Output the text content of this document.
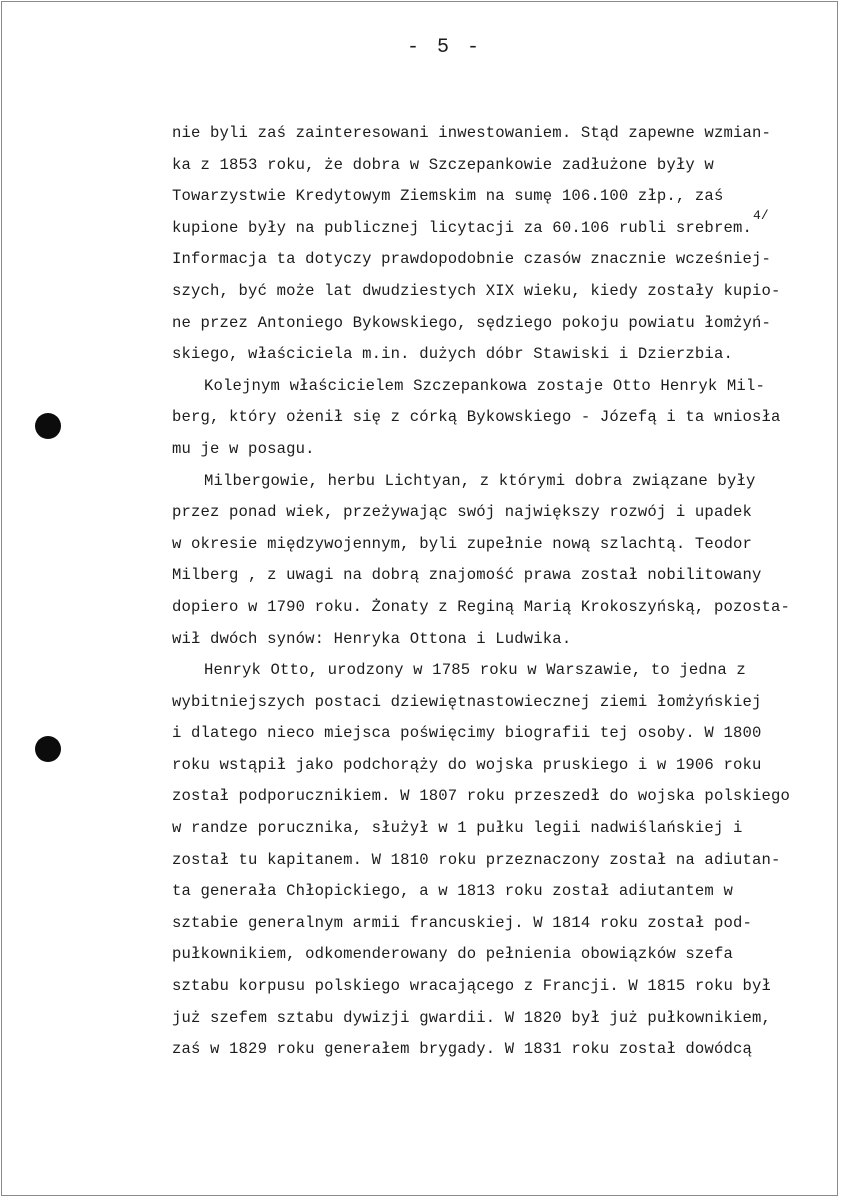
- 5 -
nie byli zaś zainteresowani inwestowaniem. Stąd zapewne wzmian-
ka z 1853 roku, że dobra w Szczepankowie zadłużone były w
Towarzystwie Kredytowym Ziemskim na sumę 106.100 złp., zaś
kupione były na publicznej licytacji za 60.106 rubli srebrem.$^{4/}$
Informacja ta dotyczy prawdopodobnie czasów znacznie wcześniej-
szych, być może lat dwudziestych XIX wieku, kiedy zostały kupio-
ne przez Antoniego Bykowskiego, sędziego pokoju powiatu łomżyń-
skiego, właściciela m.in. dużych dóbr Stawiski i Dzierzbia.
Kolejnym właścicielem Szczepankowa zostaje Otto Henryk Mil-
berg, który ożenił się z córką Bykowskiego - Józefą i ta wniosła
mu je w posagu.
Milbergowie, herbu Lichtyan, z którymi dobra związane były
przez ponad wiek, przeżywając swój największy rozwój i upadek
w okresie międzywojennym, byli zupełnie nową szlachtą. Teodor
Milberg , z uwagi na dobrą znajomość prawa został nobilitowany
dopiero w 1790 roku. Żonaty z Reginą Marią Krokoszyńską, pozosta-
wił dwóch synów: Henryka Ottona i Ludwika.
Henryk Otto, urodzony w 1785 roku w Warszawie, to jedna z
wybitniejszych postaci dziewiętnastowiecznej ziemi łomżyńskiej
i dlatego nieco miejsca poświęcimy biografii tej osoby. W 1800
roku wstąpił jako podchorąży do wojska pruskiego i w 1906 roku
został podporucznikiem. W 1807 roku przeszedł do wojska polskiego
w randze porucznika, służył w 1 pułku legii nadwiślańskiej i
został tu kapitanem. W 1810 roku przeznaczony został na adiutan-
ta generała Chłopickiego, a w 1813 roku został adiutantem w
sztabie generalnym armii francuskiej. W 1814 roku został pod-
pułkownikiem, odkomenderowany do pełnienia obowiązków szefa
sztabu korpusu polskiego wracającego z Francji. W 1815 roku był
już szefem sztabu dywizji gwardii. W 1820 był już pułkownikiem,
zaś w 1829 roku generałem brygady. W 1831 roku został dowódcą
